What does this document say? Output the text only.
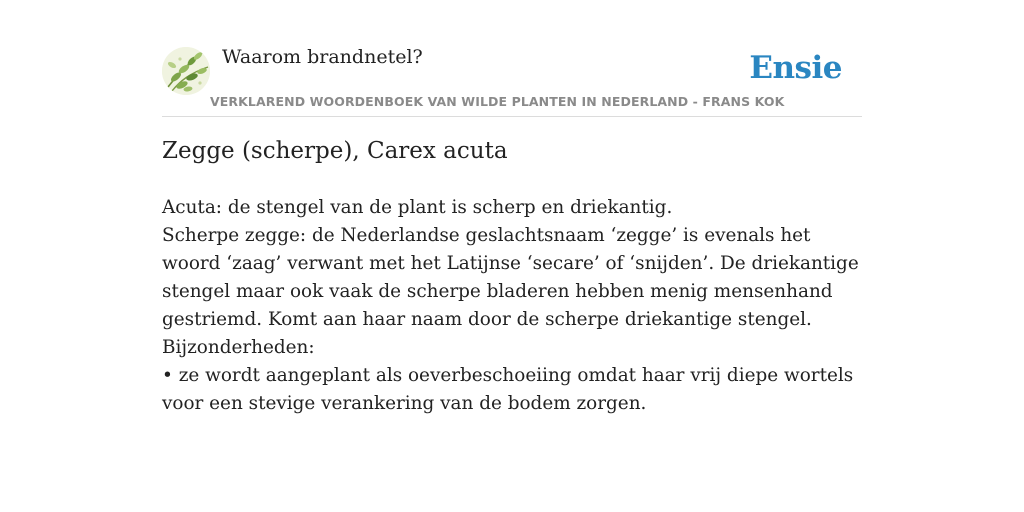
Waarom brandnetel?	Ensie
VERKLAREND WOORDENBOEK VAN WILDE PLANTEN IN NEDERLAND - FRANS KOK
Zegge (scherpe), Carex acuta

Acuta: de stengel van de plant is scherp en driekantig.

Scherpe zegge: de Nederlandse geslachtsnaam ‘zegge’ is evenals het woord ‘zaag’ verwant met het Latijnse ‘secare’ of ‘snijden’. De driekantige stengel maar ook vaak de scherpe bladeren hebben menig mensenhand gestriemd. Komt aan haar naam door de scherpe driekantige stengel.

Bijzonderheden:

• ze wordt aangeplant als oeverbeschoeiing omdat haar vrij diepe wortels voor een stevige verankering van de bodem zorgen.
